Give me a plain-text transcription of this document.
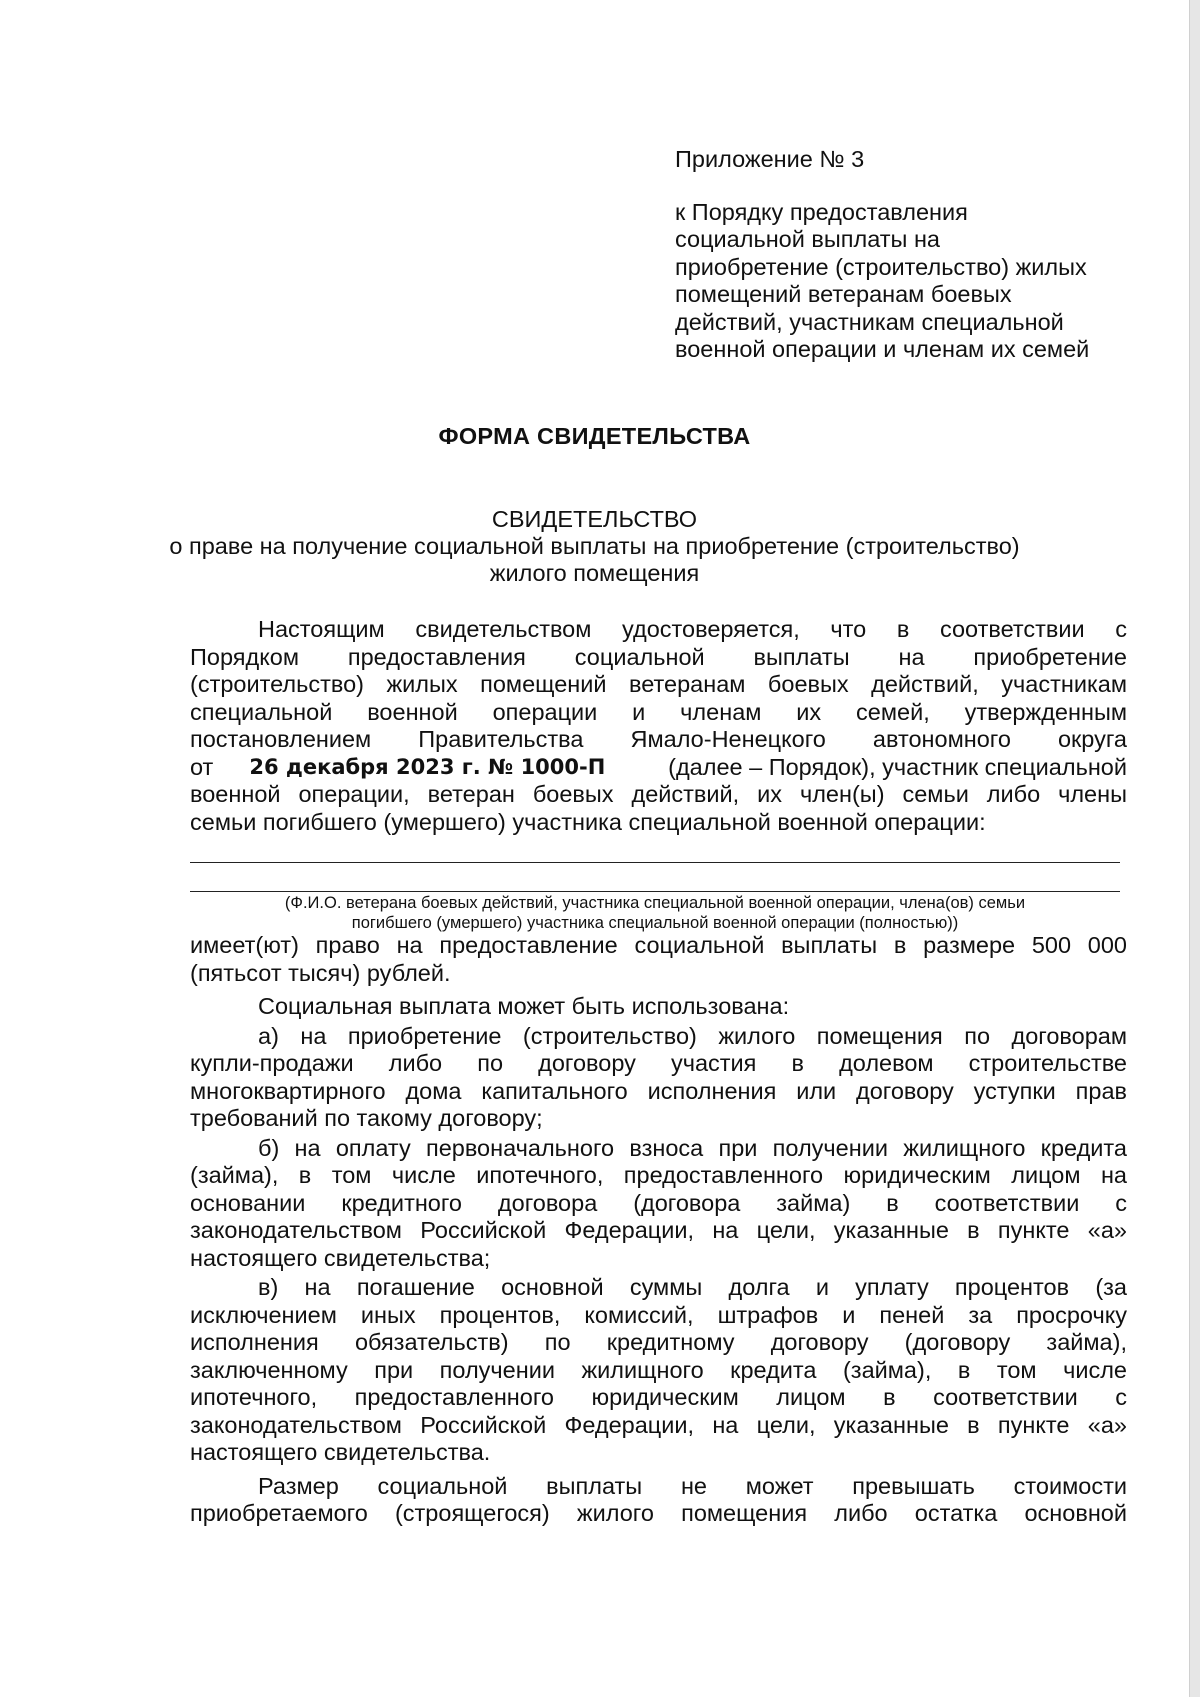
Приложение № 3
к Порядку предоставления
социальной выплаты на
приобретение (строительство) жилых
помещений ветеранам боевых
действий, участникам специальной
военной операции и членам их семей
ФОРМА СВИДЕТЕЛЬСТВА
СВИДЕТЕЛЬСТВО
о праве на получение социальной выплаты на приобретение (строительство)
жилого помещения
Настоящим свидетельством удостоверяется, что в соответствии с
Порядком предоставления социальной выплаты на приобретение
(строительство) жилых помещений ветеранам боевых действий, участникам
специальной военной операции и членам их семей, утвержденным
постановлением Правительства Ямало-Ненецкого автономного округа
от 26 декабря 2023 г. № 1000-П	(далее – Порядок), участник специальной
военной операции, ветеран боевых действий, их член(ы) семьи либо члены
семьи погибшего (умершего) участника специальной военной операции:
(Ф.И.О. ветерана боевых действий, участника специальной военной операции, члена(ов) семьи
погибшего (умершего) участника специальной военной операции (полностью))
имеет(ют) право на предоставление социальной выплаты в размере 500 000
(пятьсот тысяч) рублей.
Социальная выплата может быть использована:
а) на приобретение (строительство) жилого помещения по договорам
купли-продажи либо по договору участия в долевом строительстве
многоквартирного дома капитального исполнения или договору уступки прав
требований по такому договору;
б) на оплату первоначального взноса при получении жилищного кредита
(займа), в том числе ипотечного, предоставленного юридическим лицом на
основании кредитного договора (договора займа) в соответствии с
законодательством Российской Федерации, на цели, указанные в пункте «а»
настоящего свидетельства;
в) на погашение основной суммы долга и уплату процентов (за
исключением иных процентов, комиссий, штрафов и пеней за просрочку
исполнения обязательств) по кредитному договору (договору займа),
заключенному при получении жилищного кредита (займа), в том числе
ипотечного, предоставленного юридическим лицом в соответствии с
законодательством Российской Федерации, на цели, указанные в пункте «а»
настоящего свидетельства.
Размер социальной выплаты не может превышать стоимости
приобретаемого (строящегося) жилого помещения либо остатка основной
